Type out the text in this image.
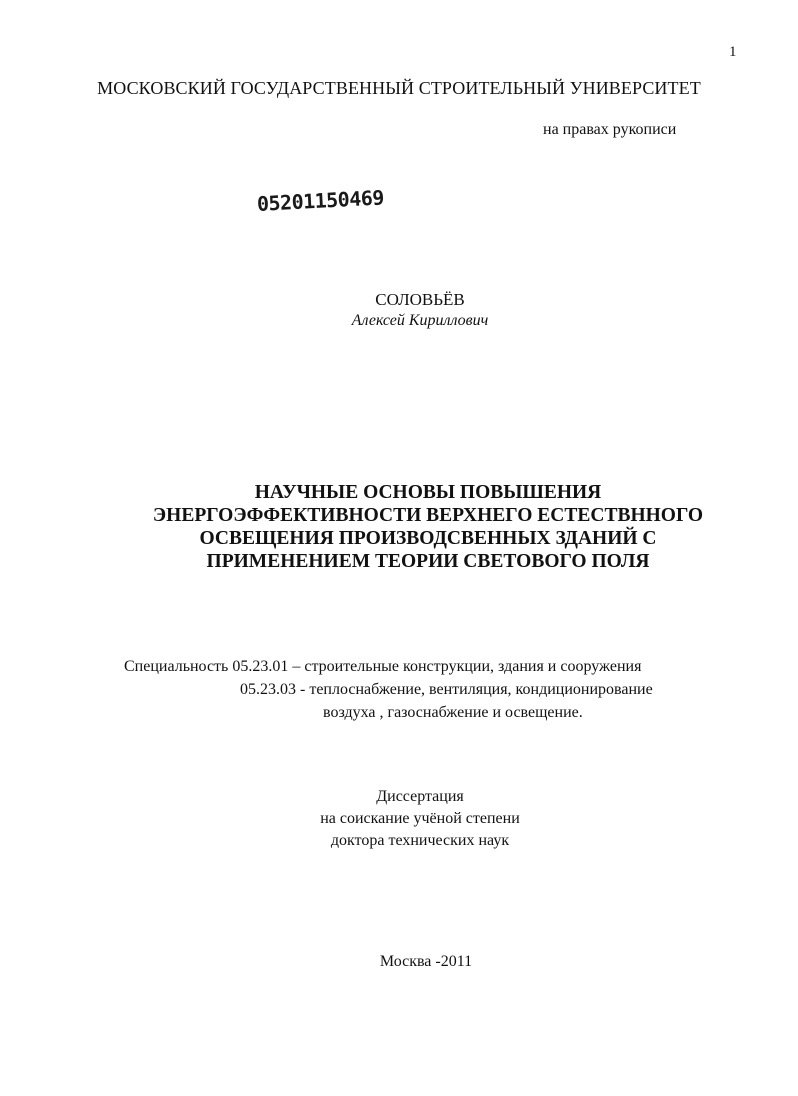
1
МОСКОВСКИЙ ГОСУДАРСТВЕННЫЙ СТРОИТЕЛЬНЫЙ УНИВЕРСИТЕТ
на правах рукописи
05201150469
СОЛОВЬЁВ
Алексей Кириллович
НАУЧНЫЕ ОСНОВЫ ПОВЫШЕНИЯ
ЭНЕРГОЭФФЕКТИВНОСТИ ВЕРХНЕГО ЕСТЕСТВННОГО
ОСВЕЩЕНИЯ ПРОИЗВОДСВЕННЫХ ЗДАНИЙ С
ПРИМЕНЕНИЕМ ТЕОРИИ СВЕТОВОГО ПОЛЯ
Специальность 05.23.01 – строительные конструкции, здания и сооружения
05.23.03 - теплоснабжение, вентиляция, кондиционирование
воздуха , газоснабжение и освещение.
Диссертация
на соискание учёной степени
доктора технических наук
Москва -2011
